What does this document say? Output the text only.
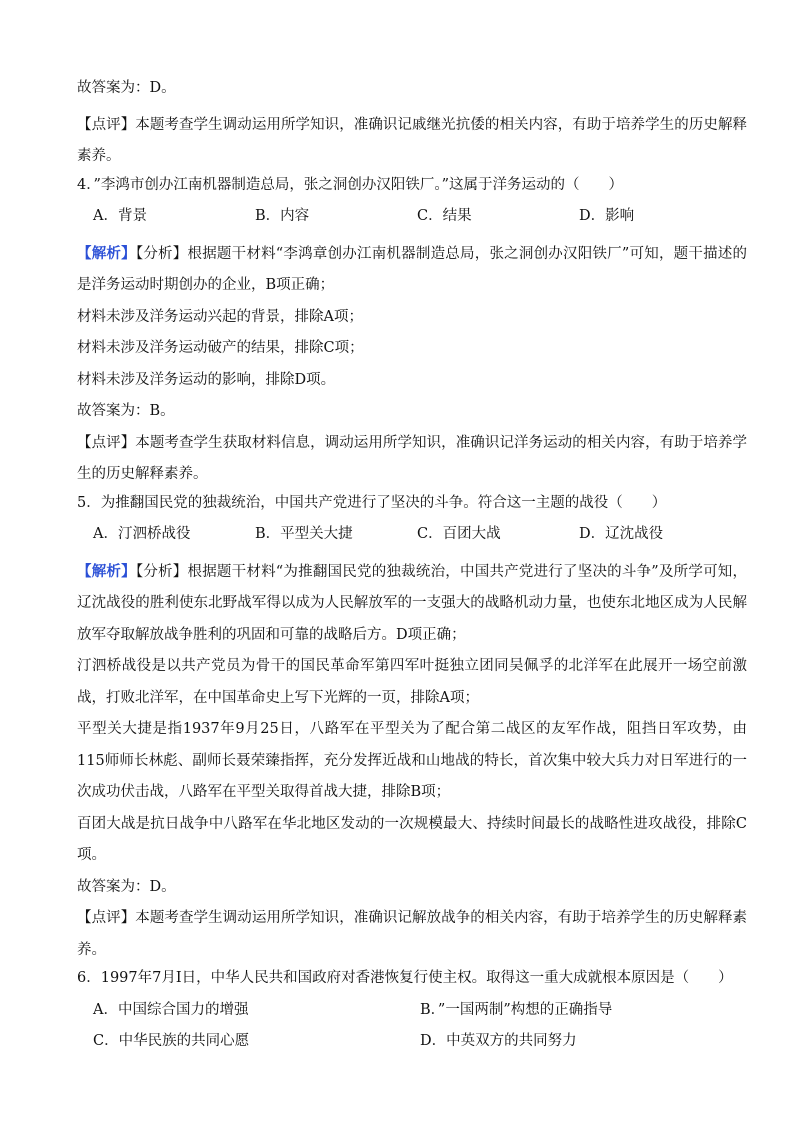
故答案为：D。
【点评】本题考查学生调动运用所学知识，准确识记戚继光抗倭的相关内容，有助于培养学生的历史解释素养。
4．”李鸿市创办江南机器制造总局，张之洞创办汉阳铁厂。”这属于洋务运动的（　　）
A．背景	B．内容	C．结果	D．影响
【解析】【分析】根据题干材料“李鸿章创办江南机器制造总局，张之洞创办汉阳铁厂”可知，题干描述的是洋务运动时期创办的企业，B项正确；
材料未涉及洋务运动兴起的背景，排除A项；
材料未涉及洋务运动破产的结果，排除C项；
材料未涉及洋务运动的影响，排除D项。
故答案为：B。
【点评】本题考查学生获取材料信息，调动运用所学知识，准确识记洋务运动的相关内容，有助于培养学生的历史解释素养。
5．为推翻国民党的独裁统治，中国共产党进行了坚决的斗争。符合这一主题的战役（　　）
A．汀泗桥战役	B．平型关大捷	C．百团大战	D．辽沈战役
【解析】【分析】根据题干材料“为推翻国民党的独裁统治，中国共产党进行了坚决的斗争”及所学可知，辽沈战役的胜利使东北野战军得以成为人民解放军的一支强大的战略机动力量，也使东北地区成为人民解放军夺取解放战争胜利的巩固和可靠的战略后方。D项正确；
汀泗桥战役是以共产党员为骨干的国民革命军第四军叶挺独立团同吴佩孚的北洋军在此展开一场空前激战，打败北洋军，在中国革命史上写下光辉的一页，排除A项；
平型关大捷是指1937年9月25日，八路军在平型关为了配合第二战区的友军作战，阻挡日军攻势，由115师师长林彪、副师长聂荣臻指挥，充分发挥近战和山地战的特长，首次集中较大兵力对日军进行的一次成功伏击战，八路军在平型关取得首战大捷，排除B项；
百团大战是抗日战争中八路军在华北地区发动的一次规模最大、持续时间最长的战略性进攻战役，排除C项。
故答案为：D。
【点评】本题考查学生调动运用所学知识，准确识记解放战争的相关内容，有助于培养学生的历史解释素养。
6．1997年7月I日，中华人民共和国政府对香港恢复行使主权。取得这一重大成就根本原因是（　　）
A．中国综合国力的增强	B．”一国两制”构想的正确指导
C．中华民族的共同心愿	D．中英双方的共同努力
